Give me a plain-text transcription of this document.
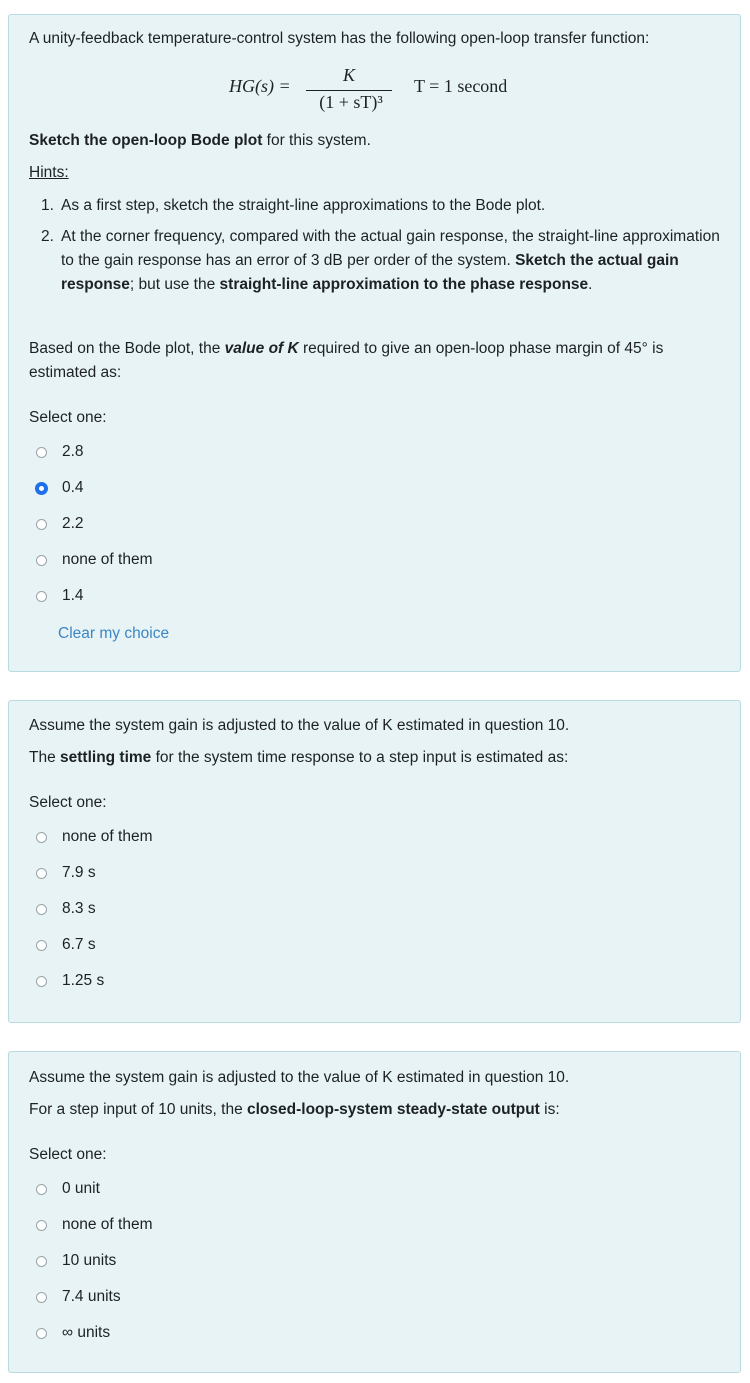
A unity-feedback temperature-control system has the following open-loop transfer function:
HG(s) =
K
(1 + sT)³
T = 1 second
Sketch the open-loop Bode plot for this system.
Hints:
1. As a first step, sketch the straight-line approximations to the Bode plot.
2. At the corner frequency, compared with the actual gain response, the straight-line approximation to the gain response has an error of 3 dB per order of the system. Sketch the actual gain response; but use the straight-line approximation to the phase response.
Based on the Bode plot, the value of K required to give an open-loop phase margin of 45° is estimated as:
Select one:
2.8
0.4
2.2
none of them
1.4
Clear my choice
Assume the system gain is adjusted to the value of K estimated in question 10.
The settling time for the system time response to a step input is estimated as:
Select one:
none of them
7.9 s
8.3 s
6.7 s
1.25 s
Assume the system gain is adjusted to the value of K estimated in question 10.
For a step input of 10 units, the closed-loop-system steady-state output is:
Select one:
0 unit
none of them
10 units
7.4 units
∞ units
